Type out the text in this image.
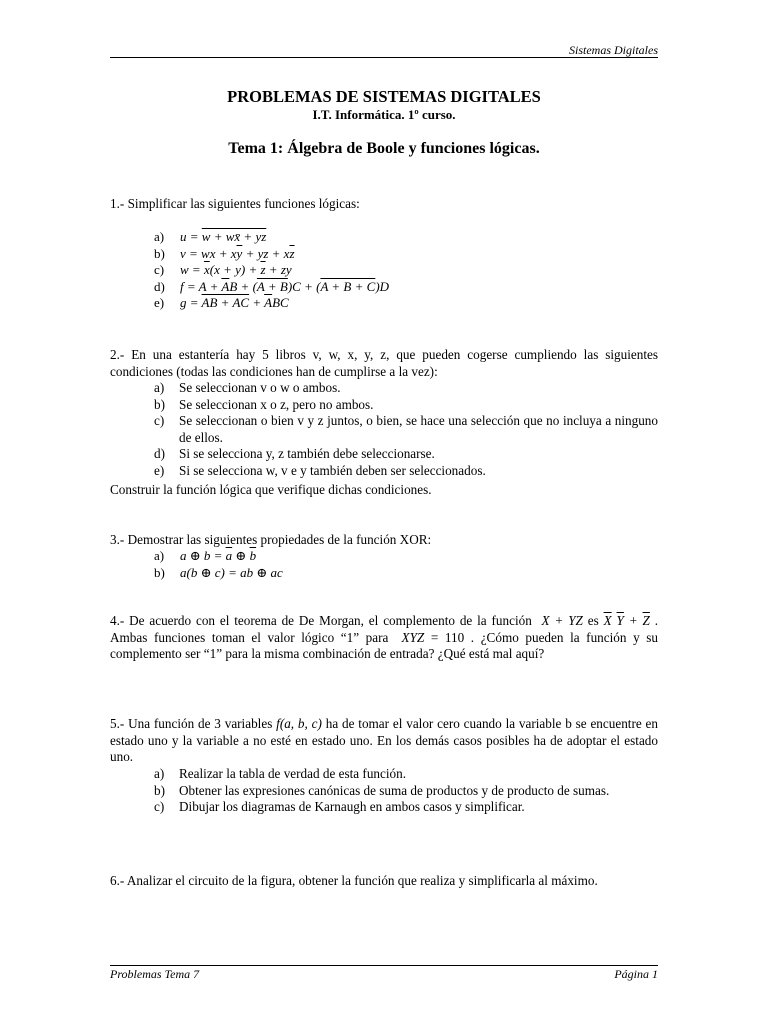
Sistemas Digitales
PROBLEMAS DE SISTEMAS DIGITALES
I.T. Informática. 1º curso.
Tema 1: Álgebra de Boole y funciones lógicas.
1.- Simplificar las siguientes funciones lógicas:
a)	u = w + wx̄ + yz
b)	v = wx + $x\overline{y}$ + yz + $x\overline{z}$
c)	$w = \overline{x}(x + y) + \overline{z}$ + zy
d)	$f = A + \overline{A}B + (A + B)C + (A + B + C)D$
e)	g = AB + AC + $\overline{A}BC$
2.- En una estantería hay 5 libros v, w, x, y, z, que pueden cogerse cumpliendo las siguientes condiciones (todas las condiciones han de cumplirse a la vez):
a)	Se seleccionan v o w o ambos.
b)	Se seleccionan x o z, pero no ambos.
c)	Se seleccionan o bien v y z juntos, o bien, se hace una selección que no incluya a ninguno de ellos.
d)	Si se selecciona y, z también debe seleccionarse.
e)	Si se selecciona w, v e y también deben ser seleccionados.
Construir la función lógica que verifique dichas condiciones.
3.- Demostrar las siguientes propiedades de la función XOR:
a)	a ⊕ $b = \overline{a}$ ⊕ $\overline{b}$
b)	a(b ⊕ c) = ab ⊕ ac
4.- De acuerdo con el teorema de De Morgan, el complemento de la función  X + YZ es $\overline{X}$ $\overline{Y} + \overline{Z}$ . Ambas funciones toman el valor lógico “1” para  XYZ = 110 . ¿Cómo pueden la función y su complemento ser “1” para la misma combinación de entrada? ¿Qué está mal aquí?
5.- Una función de 3 variables f(a, b, c) ha de tomar el valor cero cuando la variable b se encuentre en estado uno y la variable a no esté en estado uno. En los demás casos posibles ha de adoptar el estado uno.
a)	Realizar la tabla de verdad de esta función.
b)	Obtener las expresiones canónicas de suma de productos y de producto de sumas.
c)	Dibujar los diagramas de Karnaugh en ambos casos y simplificar.
6.- Analizar el circuito de la figura, obtener la función que realiza y simplificarla al máximo.
Problemas Tema 7	Página 1
